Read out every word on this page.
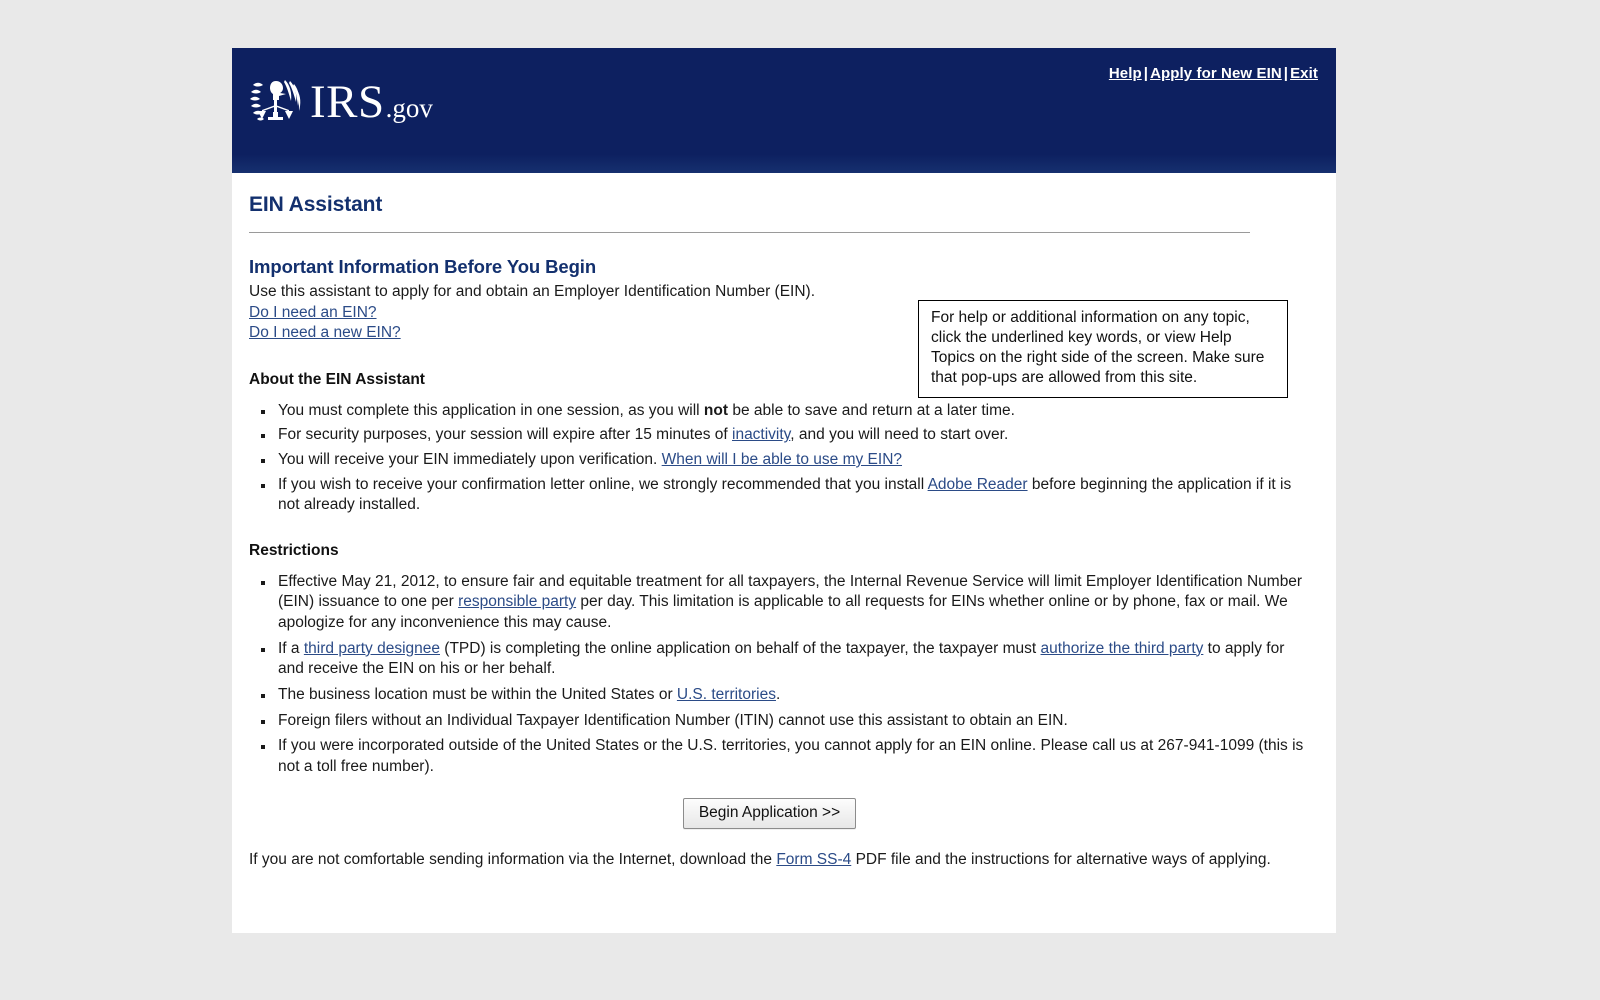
IRS .gov
Help | Apply for New EIN | Exit
EIN Assistant
Important Information Before You Begin

Use this assistant to apply for and obtain an Employer Identification Number (EIN).

Do I need an EIN?
Do I need a new EIN?
About the EIN Assistant
You must complete this application in one session, as you will not be able to save and return at a later time.
For security purposes, your session will expire after 15 minutes of inactivity, and you will need to start over.
You will receive your EIN immediately upon verification. When will I be able to use my EIN?
If you wish to receive your confirmation letter online, we strongly recommended that you install Adobe Reader before beginning the application if it is not already installed.
Restrictions
Effective May 21, 2012, to ensure fair and equitable treatment for all taxpayers, the Internal Revenue Service will limit Employer Identification Number (EIN) issuance to one per responsible party per day. This limitation is applicable to all requests for EINs whether online or by phone, fax or mail. We apologize for any inconvenience this may cause.
If a third party designee (TPD) is completing the online application on behalf of the taxpayer, the taxpayer must authorize the third party to apply for and receive the EIN on his or her behalf.
The business location must be within the United States or U.S. territories.
Foreign filers without an Individual Taxpayer Identification Number (ITIN) cannot use this assistant to obtain an EIN.
If you were incorporated outside of the United States or the U.S. territories, you cannot apply for an EIN online. Please call us at 267-941-1099 (this is not a toll free number).
Begin Application >>

If you are not comfortable sending information via the Internet, download the Form SS-4 PDF file and the instructions for alternative ways of applying.

For help or additional information on any topic, click the underlined key words, or view Help Topics on the right side of the screen. Make sure that pop-ups are allowed from this site.
